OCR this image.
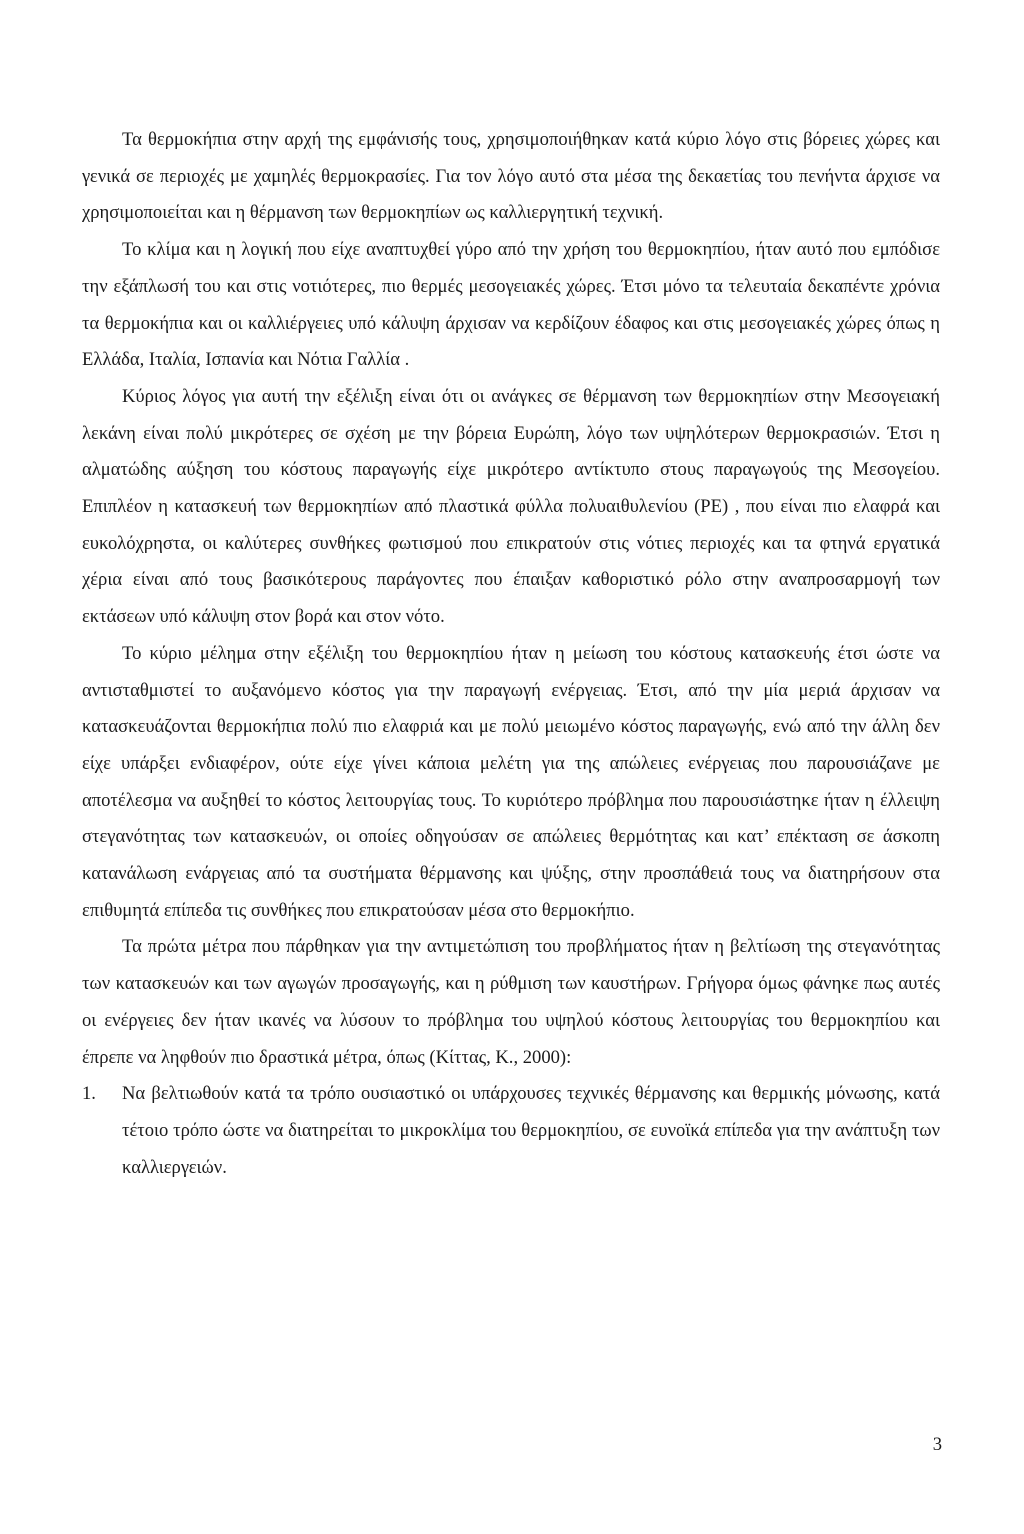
Τα θερμοκήπια στην αρχή της εμφάνισής τους, χρησιμοποιήθηκαν κατά κύριο λόγο στις βόρειες χώρες και γενικά σε περιοχές με χαμηλές θερμοκρασίες. Για τον λόγο αυτό στα μέσα της δεκαετίας του πενήντα άρχισε να χρησιμοποιείται και η θέρμανση των θερμοκηπίων ως καλλιεργητική τεχνική.

Το κλίμα και η λογική που είχε αναπτυχθεί γύρο από την χρήση του θερμοκηπίου, ήταν αυτό που εμπόδισε την εξάπλωσή του και στις νοτιότερες, πιο θερμές μεσογειακές χώρες. Έτσι μόνο τα τελευταία δεκαπέντε χρόνια τα θερμοκήπια και οι καλλιέργειες υπό κάλυψη άρχισαν να κερδίζουν έδαφος και στις μεσογειακές χώρες όπως η Ελλάδα, Ιταλία, Ισπανία και Νότια Γαλλία .

Κύριος λόγος για αυτή την εξέλιξη είναι ότι οι ανάγκες σε θέρμανση των θερμοκηπίων στην Μεσογειακή λεκάνη είναι πολύ μικρότερες σε σχέση με την βόρεια Ευρώπη, λόγο των υψηλότερων θερμοκρασιών. Έτσι η αλματώδης αύξηση του κόστους παραγωγής είχε μικρότερο αντίκτυπο στους παραγωγούς της Μεσογείου. Επιπλέον η κατασκευή των θερμοκηπίων από πλαστικά φύλλα πολυαιθυλενίου (PE) , που είναι πιο ελαφρά και ευκολόχρηστα, οι καλύτερες συνθήκες φωτισμού που επικρατούν στις νότιες περιοχές και τα φτηνά εργατικά χέρια είναι από τους βασικότερους παράγοντες που έπαιξαν καθοριστικό ρόλο στην αναπροσαρμογή των εκτάσεων υπό κάλυψη στον βορά και στον νότο.

Το κύριο μέλημα στην εξέλιξη του θερμοκηπίου ήταν η μείωση του κόστους κατασκευής έτσι ώστε να αντισταθμιστεί το αυξανόμενο κόστος για την παραγωγή ενέργειας. Έτσι, από την μία μεριά άρχισαν να κατασκευάζονται θερμοκήπια πολύ πιο ελαφριά και με πολύ μειωμένο κόστος παραγωγής, ενώ από την άλλη δεν είχε υπάρξει ενδιαφέρον, ούτε είχε γίνει κάποια μελέτη για της απώλειες ενέργειας που παρουσιάζανε με αποτέλεσμα να αυξηθεί το κόστος λειτουργίας τους. Το κυριότερο πρόβλημα που παρουσιάστηκε ήταν η έλλειψη στεγανότητας των κατασκευών, οι οποίες οδηγούσαν σε απώλειες θερμότητας και κατ’ επέκταση σε άσκοπη κατανάλωση ενάργειας από τα συστήματα θέρμανσης και ψύξης, στην προσπάθειά τους να διατηρήσουν στα επιθυμητά επίπεδα τις συνθήκες που επικρατούσαν μέσα στο θερμοκήπιο.

Τα πρώτα μέτρα που πάρθηκαν για την αντιμετώπιση του προβλήματος ήταν η βελτίωση της στεγανότητας των κατασκευών και των αγωγών προσαγωγής, και η ρύθμιση των καυστήρων. Γρήγορα όμως φάνηκε πως αυτές οι ενέργειες δεν ήταν ικανές να λύσουν το πρόβλημα του υψηλού κόστους λειτουργίας του θερμοκηπίου και έπρεπε να ληφθούν πιο δραστικά μέτρα, όπως (Κίττας, Κ., 2000):

1.	Να βελτιωθούν κατά τα τρόπο ουσιαστικό οι υπάρχουσες τεχνικές θέρμανσης και θερμικής μόνωσης, κατά τέτοιο τρόπο ώστε να διατηρείται το μικροκλίμα του θερμοκηπίου, σε ευνοϊκά επίπεδα για την ανάπτυξη των καλλιεργειών.
3
